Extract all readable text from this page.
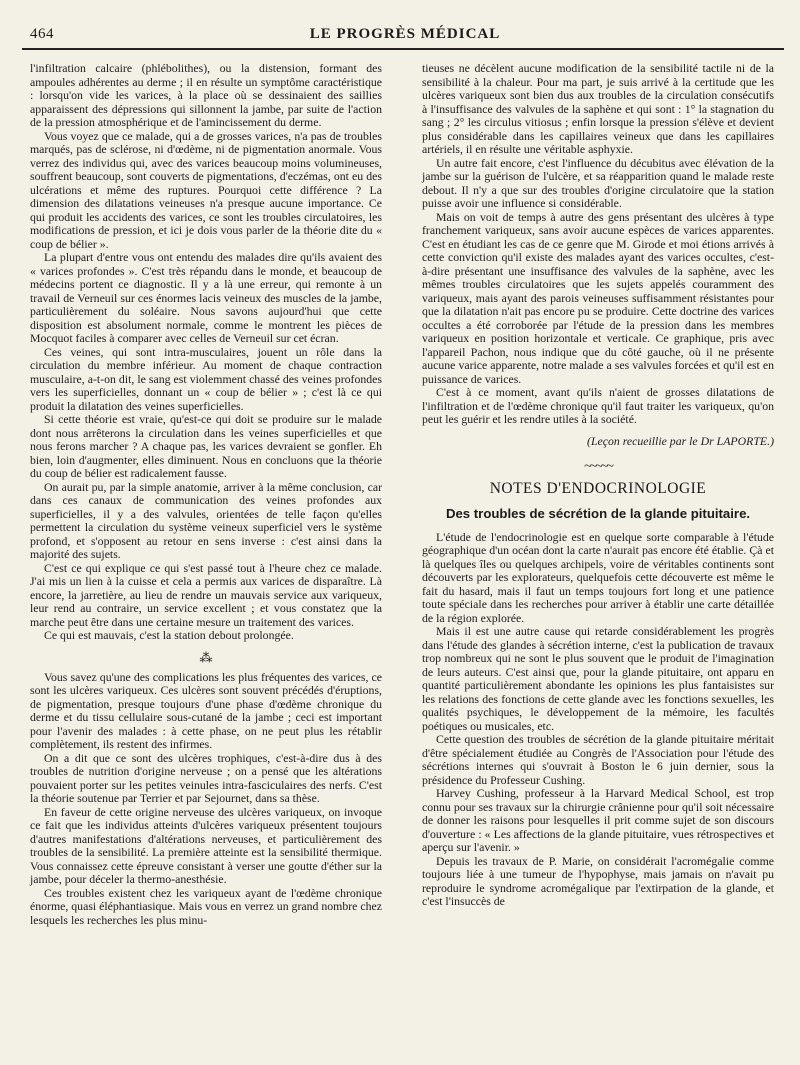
464	LE PROGRÈS MÉDICAL

l'infiltration calcaire (phlébolithes), ou la distension, formant des ampoules adhérentes au derme ; il en résulte un symptôme caractéristique : lorsqu'on vide les varices, à la place où se dessinaient des saillies apparaissent des dépressions qui sillonnent la jambe, par suite de l'action de la pression atmosphérique et de l'amincissement du derme.

Vous voyez que ce malade, qui a de grosses varices, n'a pas de troubles marqués, pas de sclérose, ni d'œdème, ni de pigmentation anormale. Vous verrez des individus qui, avec des varices beaucoup moins volumineuses, souffrent beaucoup, sont couverts de pigmentations, d'eczémas, ont eu des ulcérations et même des ruptures. Pourquoi cette différence ? La dimension des dilatations veineuses n'a presque aucune importance. Ce qui produit les accidents des varices, ce sont les troubles circulatoires, les modifications de pression, et ici je dois vous parler de la théorie dite du « coup de bélier ».

La plupart d'entre vous ont entendu des malades dire qu'ils avaient des « varices profondes ». C'est très répandu dans le monde, et beaucoup de médecins portent ce diagnostic. Il y a là une erreur, qui remonte à un travail de Verneuil sur ces énormes lacis veineux des muscles de la jambe, particulièrement du soléaire. Nous savons aujourd'hui que cette disposition est absolument normale, comme le montrent les pièces de Mocquot faciles à comparer avec celles de Verneuil sur cet écran.

Ces veines, qui sont intra-musculaires, jouent un rôle dans la circulation du membre inférieur. Au moment de chaque contraction musculaire, a-t-on dit, le sang est violemment chassé des veines profondes vers les superficielles, donnant un « coup de bélier » ; c'est là ce qui produit la dilatation des veines superficielles.

Si cette théorie est vraie, qu'est-ce qui doit se produire sur le malade dont nous arrêterons la circulation dans les veines superficielles et que nous ferons marcher ? A chaque pas, les varices devraient se gonfler. Eh bien, loin d'augmenter, elles diminuent. Nous en concluons que la théorie du coup de bélier est radicalement fausse.

On aurait pu, par la simple anatomie, arriver à la même conclusion, car dans ces canaux de communication des veines profondes aux superficielles, il y a des valvules, orientées de telle façon qu'elles permettent la circulation du système veineux superficiel vers le système profond, et s'opposent au retour en sens inverse : c'est ainsi dans la majorité des sujets.

C'est ce qui explique ce qui s'est passé tout à l'heure chez ce malade. J'ai mis un lien à la cuisse et cela a permis aux varices de disparaître. Là encore, la jarretière, au lieu de rendre un mauvais service aux variqueux, leur rend au contraire, un service excellent ; et vous constatez que la marche peut être dans une certaine mesure un traitement des varices.

Ce qui est mauvais, c'est la station debout prolongée.

⁂

Vous savez qu'une des complications les plus fréquentes des varices, ce sont les ulcères variqueux. Ces ulcères sont souvent précédés d'éruptions, de pigmentation, presque toujours d'une phase d'œdème chronique du derme et du tissu cellulaire sous-cutané de la jambe ; ceci est important pour l'avenir des malades : à cette phase, on ne peut plus les rétablir complètement, ils restent des infirmes.

On a dit que ce sont des ulcères trophiques, c'est-à-dire dus à des troubles de nutrition d'origine nerveuse ; on a pensé que les altérations pouvaient porter sur les petites veinules intra-fasciculaires des nerfs. C'est la théorie soutenue par Terrier et par Sejournet, dans sa thèse.

En faveur de cette origine nerveuse des ulcères variqueux, on invoque ce fait que les individus atteints d'ulcères variqueux présentent toujours d'autres manifestations d'altérations nerveuses, et particulièrement des troubles de la sensibilité. La première atteinte est la sensibilité thermique. Vous connaissez cette épreuve consistant à verser une goutte d'éther sur la jambe, pour déceler la thermo-anesthésie.

Ces troubles existent chez les variqueux ayant de l'œdème chronique énorme, quasi éléphantiasique. Mais vous en verrez un grand nombre chez lesquels les recherches les plus minu-

tieuses ne décèlent aucune modification de la sensibilité tactile ni de la sensibilité à la chaleur. Pour ma part, je suis arrivé à la certitude que les ulcères variqueux sont bien dus aux troubles de la circulation consécutifs à l'insuffisance des valvules de la saphène et qui sont : 1° la stagnation du sang ; 2° les circulus vitiosus ; enfin lorsque la pression s'élève et devient plus considérable dans les capillaires veineux que dans les capillaires artériels, il en résulte une véritable asphyxie.

Un autre fait encore, c'est l'influence du décubitus avec élévation de la jambe sur la guérison de l'ulcère, et sa réapparition quand le malade reste debout. Il n'y a que sur des troubles d'origine circulatoire que la station puisse avoir une influence si considérable.

Mais on voit de temps à autre des gens présentant des ulcères à type franchement variqueux, sans avoir aucune espèces de varices apparentes. C'est en étudiant les cas de ce genre que M. Girode et moi étions arrivés à cette conviction qu'il existe des malades ayant des varices occultes, c'est-à-dire présentant une insuffisance des valvules de la saphène, avec les mêmes troubles circulatoires que les sujets appelés couramment des variqueux, mais ayant des parois veineuses suffisamment résistantes pour que la dilatation n'ait pas encore pu se produire. Cette doctrine des varices occultes a été corroborée par l'étude de la pression dans les membres variqueux en position horizontale et verticale. Ce graphique, pris avec l'appareil Pachon, nous indique que du côté gauche, où il ne présente aucune varice apparente, notre malade a ses valvules forcées et qu'il est en puissance de varices.

C'est à ce moment, avant qu'ils n'aient de grosses dilatations de l'infiltration et de l'œdème chronique qu'il faut traiter les variqueux, qu'on peut les guérir et les rendre utiles à la société.

(Leçon recueillie par le Dr LAPORTE.)

~~~~~
NOTES D'ENDOCRINOLOGIE
Des troubles de sécrétion de la glande pituitaire.

L'étude de l'endocrinologie est en quelque sorte comparable à l'étude géographique d'un océan dont la carte n'aurait pas encore été établie. Çà et là quelques îles ou quelques archipels, voire de véritables continents sont découverts par les explorateurs, quelquefois cette découverte est même le fait du hasard, mais il faut un temps toujours fort long et une patience toute spéciale dans les recherches pour arriver à établir une carte détaillée de la région explorée.

Mais il est une autre cause qui retarde considérablement les progrès dans l'étude des glandes à sécrétion interne, c'est la publication de travaux trop nombreux qui ne sont le plus souvent que le produit de l'imagination de leurs auteurs. C'est ainsi que, pour la glande pituitaire, ont apparu en quantité particulièrement abondante les opinions les plus fantaisistes sur les relations des fonctions de cette glande avec les fonctions sexuelles, les qualités psychiques, le développement de la mémoire, les facultés poétiques ou musicales, etc.

Cette question des troubles de sécrétion de la glande pituitaire méritait d'être spécialement étudiée au Congrès de l'Association pour l'étude des sécrétions internes qui s'ouvrait à Boston le 6 juin dernier, sous la présidence du Professeur Cushing.

Harvey Cushing, professeur à la Harvard Medical School, est trop connu pour ses travaux sur la chirurgie crânienne pour qu'il soit nécessaire de donner les raisons pour lesquelles il prit comme sujet de son discours d'ouverture : « Les affections de la glande pituitaire, vues rétrospectives et aperçu sur l'avenir. »

Depuis les travaux de P. Marie, on considérait l'acromégalie comme toujours liée à une tumeur de l'hypophyse, mais jamais on n'avait pu reproduire le syndrome acromégalique par l'extirpation de la glande, et c'est l'insuccès de
